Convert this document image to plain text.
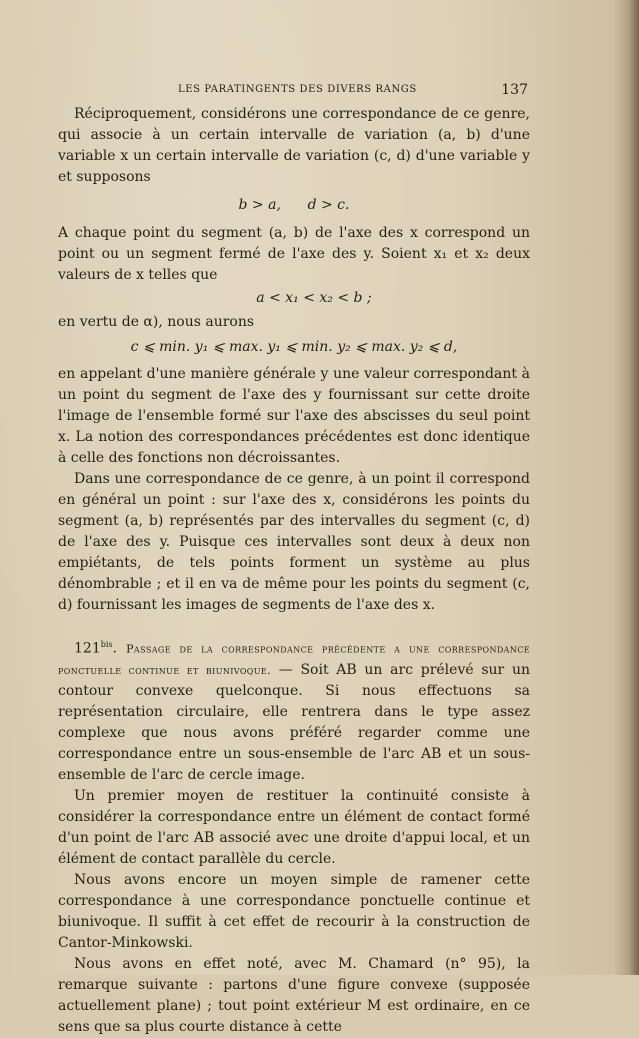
LES PARATINGENTS DES DIVERS RANGS	137

Réciproquement, considérons une correspondance de ce genre, qui associe à un certain intervalle de variation (a, b) d'une variable x un certain intervalle de variation (c, d) d'une variable y et supposons

b > a,      d > c.

A chaque point du segment (a, b) de l'axe des x correspond un point ou un segment fermé de l'axe des y. Soient x₁ et x₂ deux valeurs de x telles que

a < x₁ < x₂ < b ;

en vertu de α), nous aurons

c ⩽ min. y₁ ⩽ max. y₁ ⩽ min. y₂ ⩽ max. y₂ ⩽ d,

en appelant d'une manière générale y une valeur correspondant à un point du segment de l'axe des y fournissant sur cette droite l'image de l'ensemble formé sur l'axe des abscisses du seul point x. La notion des correspondances précédentes est donc identique à celle des fonctions non décroissantes.

Dans une correspondance de ce genre, à un point il correspond en général un point : sur l'axe des x, considérons les points du segment (a, b) représentés par des intervalles du segment (c, d) de l'axe des y. Puisque ces intervalles sont deux à deux non empiétants, de tels points forment un système au plus dénombrable ; et il en va de même pour les points du segment (c, d) fournissant les images de segments de l'axe des x.

$121^{bis}$. Passage de la correspondance précédente a une correspondance ponctuelle continue et biunivoque. — Soit AB un arc prélevé sur un contour convexe quelconque. Si nous effectuons sa représentation circulaire, elle rentrera dans le type assez complexe que nous avons préféré regarder comme une correspondance entre un sous-ensemble de l'arc AB et un sous-ensemble de l'arc de cercle image.

Un premier moyen de restituer la continuité consiste à considérer la correspondance entre un élément de contact formé d'un point de l'arc AB associé avec une droite d'appui local, et un élément de contact parallèle du cercle.

Nous avons encore un moyen simple de ramener cette correspondance à une correspondance ponctuelle continue et biunivoque. Il suffit à cet effet de recourir à la construction de Cantor-Minkowski.

Nous avons en effet noté, avec M. Chamard (n° 95), la remarque suivante : partons d'une figure convexe (supposée actuellement plane) ; tout point extérieur M est ordinaire, en ce sens que sa plus courte distance à cette
